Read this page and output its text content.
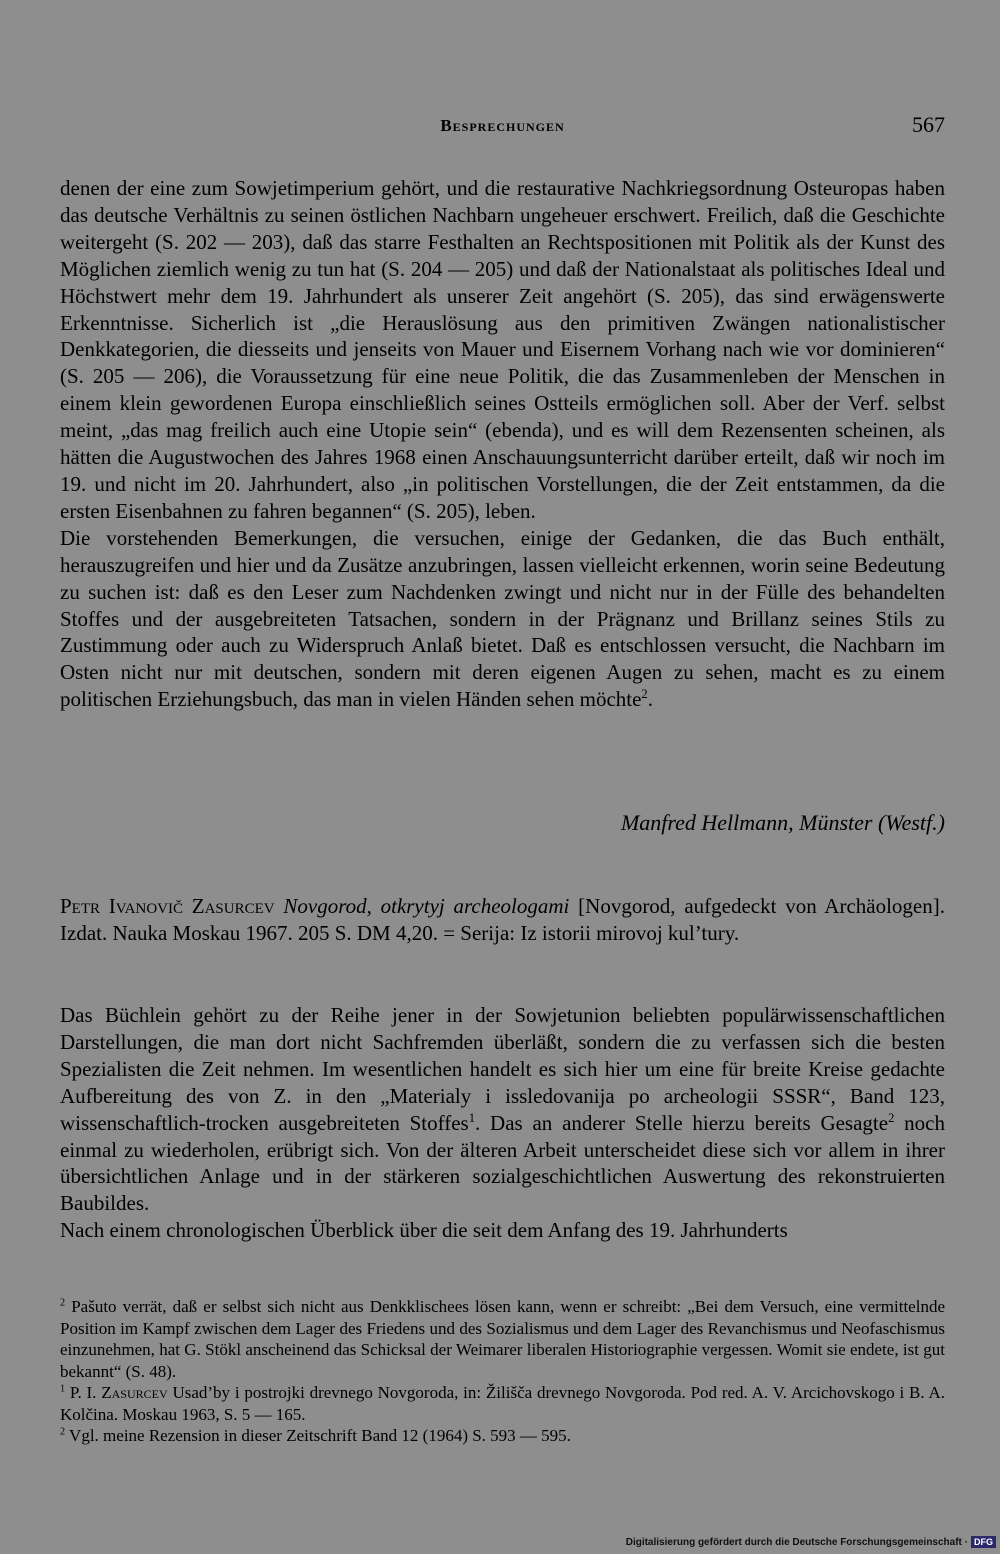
Besprechungen	567

denen der eine zum Sowjetimperium gehört, und die restaurative Nachkriegsordnung Osteuropas haben das deutsche Verhältnis zu seinen östlichen Nachbarn ungeheuer erschwert. Freilich, daß die Geschichte weitergeht (S. 202 — 203), daß das starre Festhalten an Rechtspositionen mit Politik als der Kunst des Möglichen ziemlich wenig zu tun hat (S. 204 — 205) und daß der Nationalstaat als politisches Ideal und Höchstwert mehr dem 19. Jahrhundert als unserer Zeit angehört (S. 205), das sind erwägenswerte Erkenntnisse. Sicherlich ist „die Herauslösung aus den primitiven Zwängen nationalistischer Denkkategorien, die diesseits und jenseits von Mauer und Eisernem Vorhang nach wie vor dominieren“ (S. 205 — 206), die Voraussetzung für eine neue Politik, die das Zusammenleben der Menschen in einem klein gewordenen Europa einschließlich seines Ostteils ermöglichen soll. Aber der Verf. selbst meint, „das mag freilich auch eine Utopie sein“ (ebenda), und es will dem Rezensenten scheinen, als hätten die Augustwochen des Jahres 1968 einen Anschauungsunterricht darüber erteilt, daß wir noch im 19. und nicht im 20. Jahrhundert, also „in politischen Vorstellungen, die der Zeit entstammen, da die ersten Eisenbahnen zu fahren begannen“ (S. 205), leben.

Die vorstehenden Bemerkungen, die versuchen, einige der Gedanken, die das Buch enthält, herauszugreifen und hier und da Zusätze anzubringen, lassen vielleicht erkennen, worin seine Bedeutung zu suchen ist: daß es den Leser zum Nachdenken zwingt und nicht nur in der Fülle des behandelten Stoffes und der ausgebreiteten Tatsachen, sondern in der Prägnanz und Brillanz seines Stils zu Zustimmung oder auch zu Widerspruch Anlaß bietet. Daß es entschlossen versucht, die Nachbarn im Osten nicht nur mit deutschen, sondern mit deren eigenen Augen zu sehen, macht es zu einem politischen Erziehungsbuch, das man in vielen Händen sehen möchte$^2$.

Manfred Hellmann, Münster (Westf.)
Petr Ivanovič Zasurcev Novgorod, otkrytyj archeologami [Novgorod, aufgedeckt von Archäologen]. Izdat. Nauka Moskau 1967. 205 S. DM 4,20. = Serija: Iz istorii mirovoj kul’tury.

Das Büchlein gehört zu der Reihe jener in der Sowjetunion beliebten populärwissenschaftlichen Darstellungen, die man dort nicht Sachfremden überläßt, sondern die zu verfassen sich die besten Spezialisten die Zeit nehmen. Im wesentlichen handelt es sich hier um eine für breite Kreise gedachte Aufbereitung des von Z. in den „Materialy i issledovanija po archeologii SSSR“, Band 123, wissenschaftlich-trocken ausgebreiteten Stoffes$^1$. Das an anderer Stelle hierzu bereits Gesagte$^2$ noch einmal zu wiederholen, erübrigt sich. Von der älteren Arbeit unterscheidet diese sich vor allem in ihrer übersichtlichen Anlage und in der stärkeren sozialgeschichtlichen Auswertung des rekonstruierten Baubildes.

Nach einem chronologischen Überblick über die seit dem Anfang des 19. Jahrhunderts

$^2$ Pašuto verrät, daß er selbst sich nicht aus Denkklischees lösen kann, wenn er schreibt: „Bei dem Versuch, eine vermittelnde Position im Kampf zwischen dem Lager des Friedens und des Sozialismus und dem Lager des Revanchismus und Neofaschismus einzunehmen, hat G. Stökl anscheinend das Schicksal der Weimarer liberalen Historiographie vergessen. Womit sie endete, ist gut bekannt“ (S. 48).

$^1$ P. I. Zasurcev Usad’by i postrojki drevnego Novgoroda, in: Žilišča drevnego Novgoroda. Pod red. A. V. Arcichovskogo i B. A. Kolčina. Moskau 1963, S. 5 — 165.

$^2$ Vgl. meine Rezension in dieser Zeitschrift Band 12 (1964) S. 593 — 595.

Digitalisierung gefördert durch die Deutsche Forschungsgemeinschaft · DFG
